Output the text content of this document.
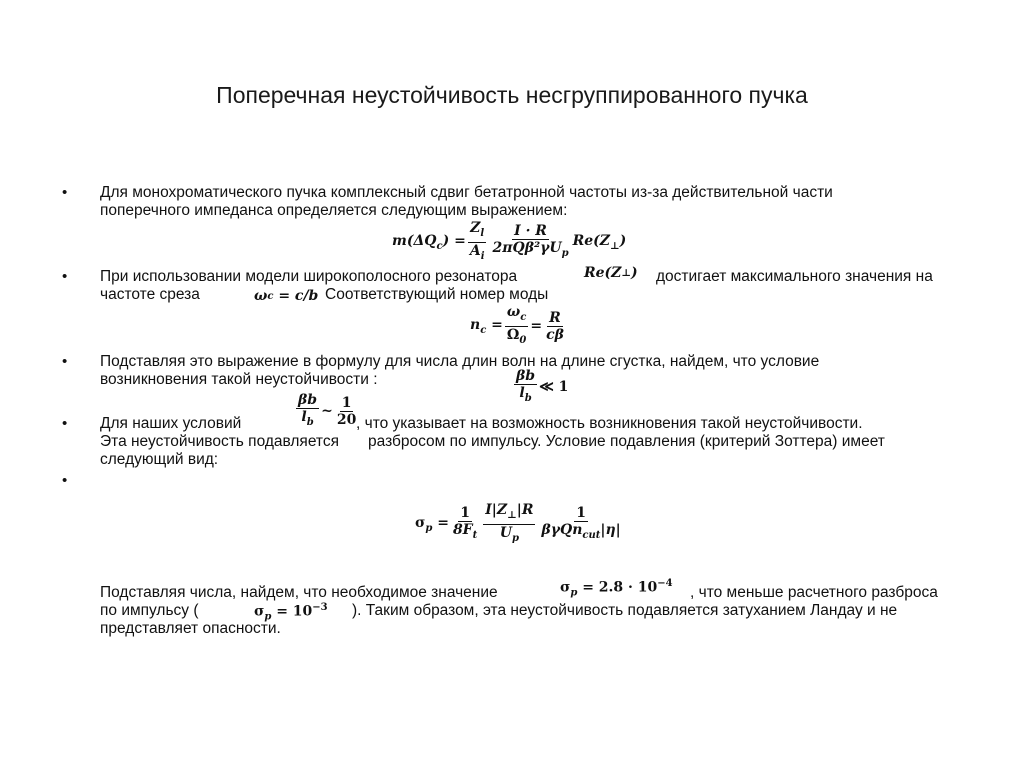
Поперечная неустойчивость несгруппированного пучка
• Для монохроматического пучка комплексный сдвиг бетатронной частоты из-за действительной части
поперечного импеданса определяется следующим выражением:
$m(\Delta Q_c) = \frac{Z_l}{A_i} \frac{I \cdot R}{2\pi Q\beta^2\gamma U_p} Re(Z_\perp)$
• При использовании модели широкополосного резонатора	Re(Z ⊥ ) достигает максимального значения на
частоте среза	ω c
= c/b Соответствующий номер моды
$n_c = \frac{\omega_c}{\Omega_0} = \frac{R}{c\beta}$
• Подставляя это выражение в формулу для числа длин волн на длине сгустка, найдем, что условие
возникновения такой неустойчивости :	$\frac{\beta b}{l_b}$ ≪ 1
• Для наших условий	$\frac{\beta b}{l_b}$ ~ $\frac{1}{20}$
, что указывает на возможность возникновения такой неустойчивости.
Эта неустойчивость подавляется разбросом по импульсу. Условие подавления (критерий Зоттера) имеет
следующий вид:
•
$\sigma_p = \frac{1}{8F_t} \frac{I|Z_\perp|R}{U_p} \frac{1}{\beta\gamma Qn_{cut}|\eta|}$
Подставляя числа, найдем, что необходимое значение	$\sigma_p = 2.8 \cdot 10^{-4}$
, что меньше расчетного разброса
по импульсу (	$\sigma_p = 10^{-3}$ ). Таким образом, эта неустойчивость подавляется затуханием Ландау и не
представляет опасности.
